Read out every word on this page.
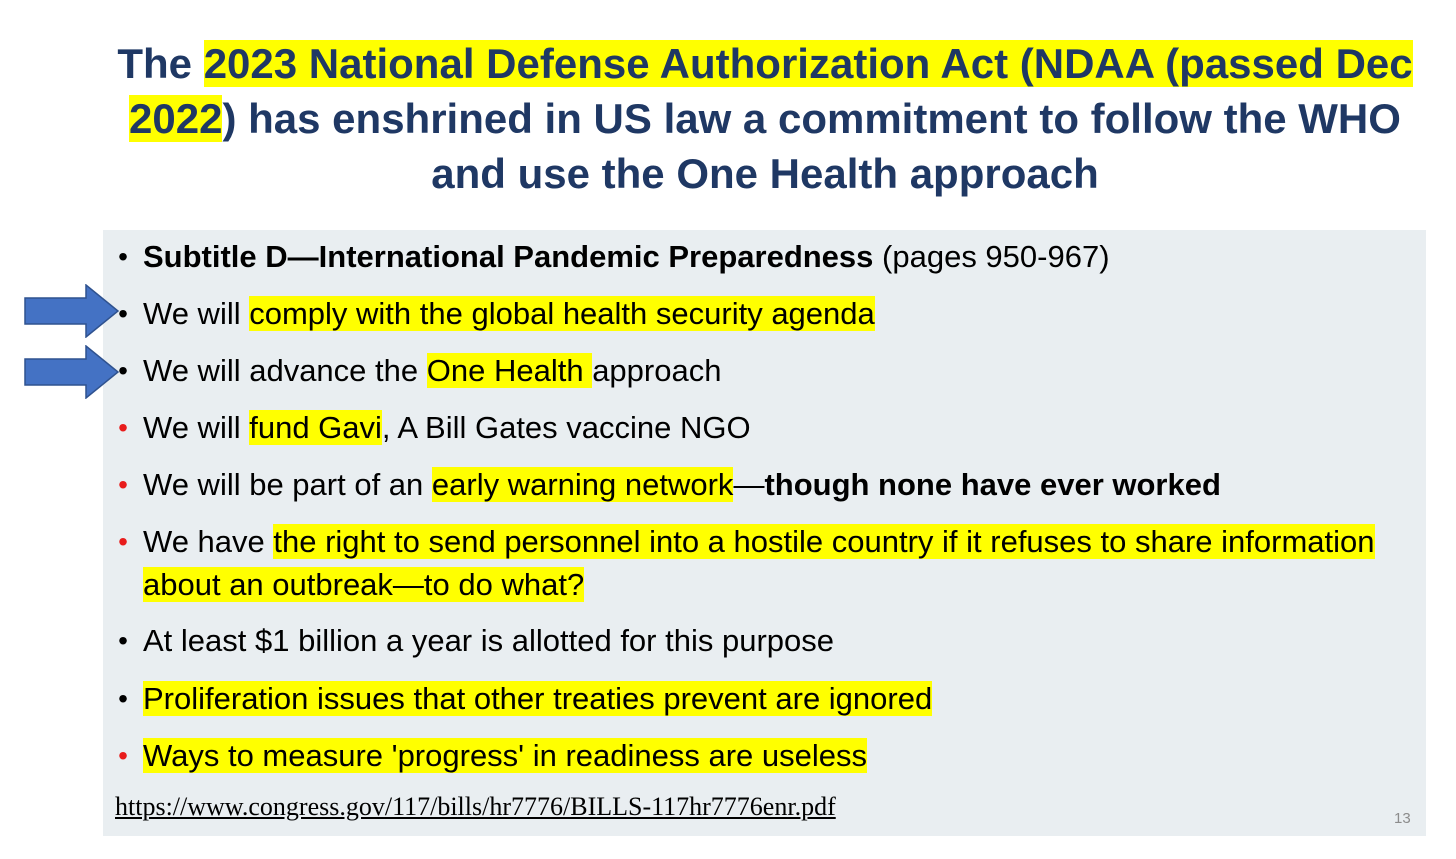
The 2023 National Defense Authorization Act (NDAA (passed Dec 2022) has enshrined in US law a commitment to follow the WHO and use the One Health approach
• Subtitle D—International Pandemic Preparedness (pages 950-967)
• We will comply with the global health security agenda
• We will advance the One Health approach
• We will fund Gavi, A Bill Gates vaccine NGO
• We will be part of an early warning network—though none have ever worked
• We have the right to send personnel into a hostile country if it refuses to share information about an outbreak—to do what?
• At least $1 billion a year is allotted for this purpose
• Proliferation issues that other treaties prevent are ignored
• Ways to measure 'progress' in readiness are useless
https://www.congress.gov/117/bills/hr7776/BILLS-117hr7776enr.pdf	13
